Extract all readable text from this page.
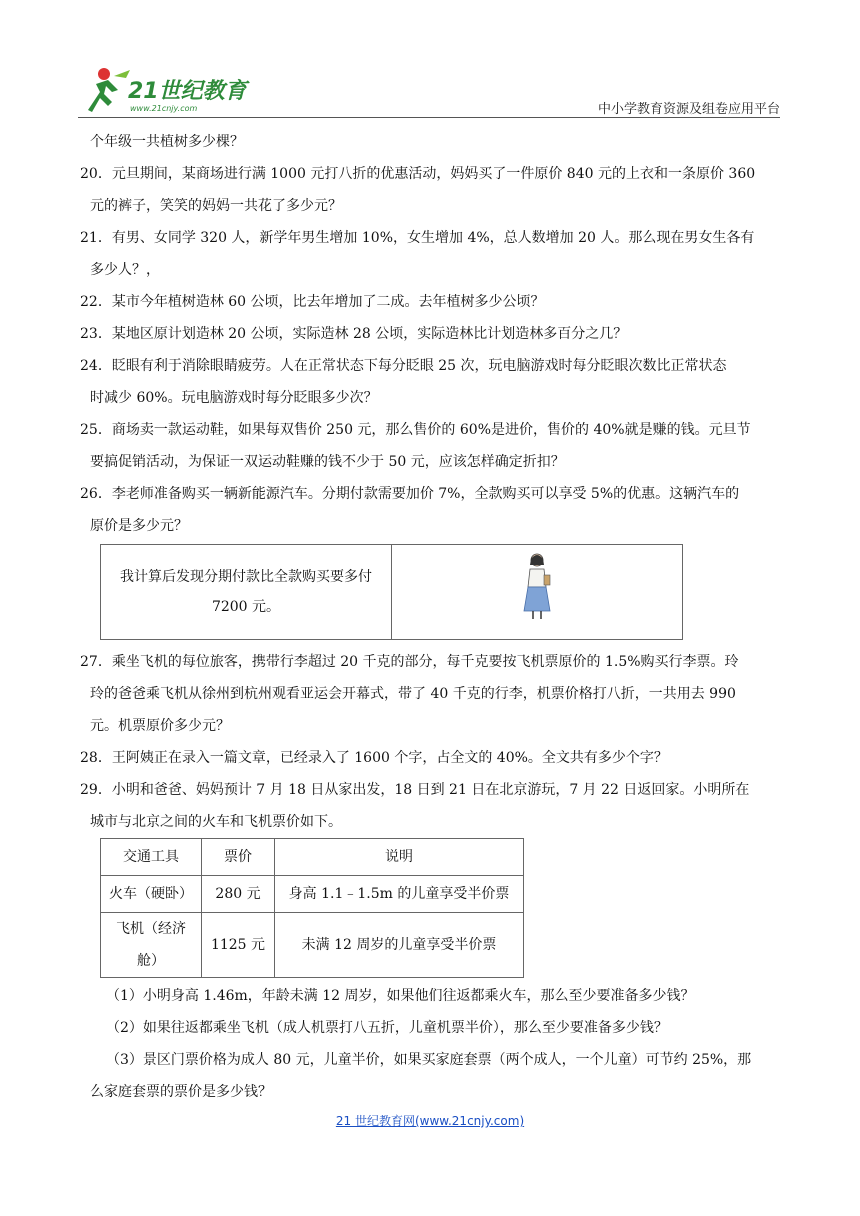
21世纪教育
www.21cnjy.com	中小学教育资源及组卷应用平台
个年级一共植树多少棵？
20．元旦期间，某商场进行满 1000 元打八折的优惠活动，妈妈买了一件原价 840 元的上衣和一条原价 360
元的裤子，笑笑的妈妈一共花了多少元？
21．有男、女同学 320 人，新学年男生增加 10%，女生增加 4%，总人数增加 20 人。那么现在男女生各有
多少人？，
22．某市今年植树造林 60 公顷，比去年增加了二成。去年植树多少公顷？
23．某地区原计划造林 20 公顷，实际造林 28 公顷，实际造林比计划造林多百分之几？
24．眨眼有利于消除眼睛疲劳。人在正常状态下每分眨眼 25 次，玩电脑游戏时每分眨眼次数比正常状态
时减少 60%。玩电脑游戏时每分眨眼多少次？
25．商场卖一款运动鞋，如果每双售价 250 元，那么售价的 60%是进价，售价的 40%就是赚的钱。元旦节
要搞促销活动，为保证一双运动鞋赚的钱不少于 50 元，应该怎样确定折扣？
26．李老师准备购买一辆新能源汽车。分期付款需要加价 7%，全款购买可以享受 5%的优惠。这辆汽车的
原价是多少元？
我计算后发现分期付款比全款购买要多付
7200 元。

27．乘坐飞机的每位旅客，携带行李超过 20 千克的部分，每千克要按飞机票原价的 1.5%购买行李票。玲
玲的爸爸乘飞机从徐州到杭州观看亚运会开幕式，带了 40 千克的行李，机票价格打八折，一共用去 990
元。机票原价多少元？
28．王阿姨正在录入一篇文章，已经录入了 1600 个字，占全文的 40%。全文共有多少个字？
29．小明和爸爸、妈妈预计 7 月 18 日从家出发，18 日到 21 日在北京游玩，7 月 22 日返回家。小明所在
城市与北京之间的火车和飞机票价如下。
交通工具	票价	说明
火车（硬卧）	280 元	身高 1.1﹣1.5m 的儿童享受半价票
飞机（经济舱）	1125 元	未满 12 周岁的儿童享受半价票
（1）小明身高 1.46m，年龄未满 12 周岁，如果他们往返都乘火车，那么至少要准备多少钱？
（2）如果往返都乘坐飞机（成人机票打八五折，儿童机票半价），那么至少要准备多少钱？
（3）景区门票价格为成人 80 元，儿童半价，如果买家庭套票（两个成人，一个儿童）可节约 25%，那
么家庭套票的票价是多少钱？
21 世纪教育网(www.21cnjy.com)
